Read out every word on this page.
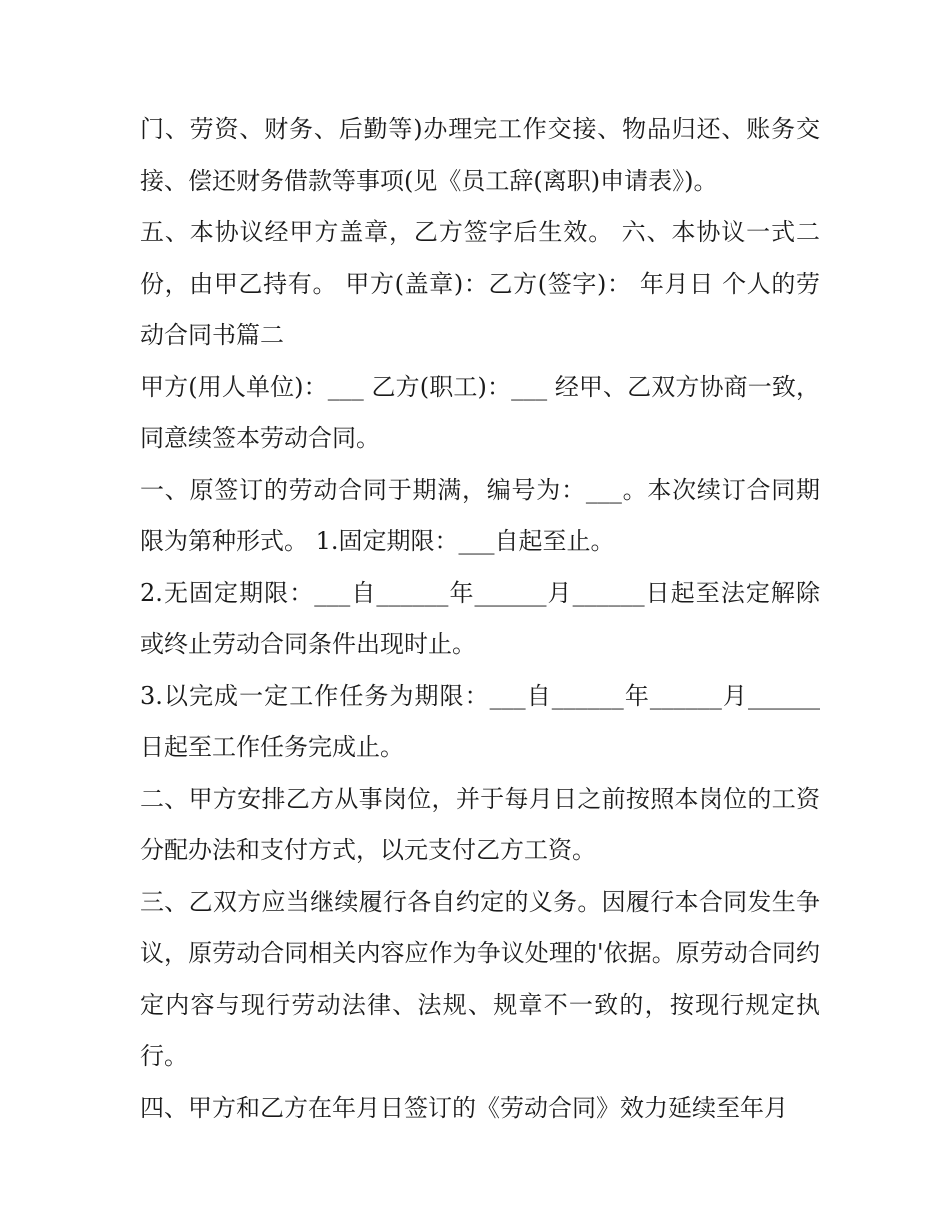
门、劳资、财务、后勤等)办理完工作交接、物品归还、账务交接、偿还财务借款等事项(见《员工辞(离职)申请表》)。

五、本协议经甲方盖章，乙方签字后生效。 六、本协议一式二份，由甲乙持有。 甲方(盖章)：乙方(签字)： 年月日 个人的劳动合同书篇二

甲方(用人单位)：___ 乙方(职工)：___ 经甲、乙双方协商一致，同意续签本劳动合同。

一、原签订的劳动合同于期满，编号为：___。本次续订合同期限为第种形式。 1.固定期限：___自起至止。

2.无固定期限：___自______年______月______日起至法定解除或终止劳动合同条件出现时止。

3.以完成一定工作任务为期限：___自______年______月______日起至工作任务完成止。

二、甲方安排乙方从事岗位，并于每月日之前按照本岗位的工资分配办法和支付方式，以元支付乙方工资。

三、乙双方应当继续履行各自约定的义务。因履行本合同发生争议，原劳动合同相关内容应作为争议处理的'依据。原劳动合同约定内容与现行劳动法律、法规、规章不一致的，按现行规定执行。

四、甲方和乙方在年月日签订的《劳动合同》效力延续至年月
